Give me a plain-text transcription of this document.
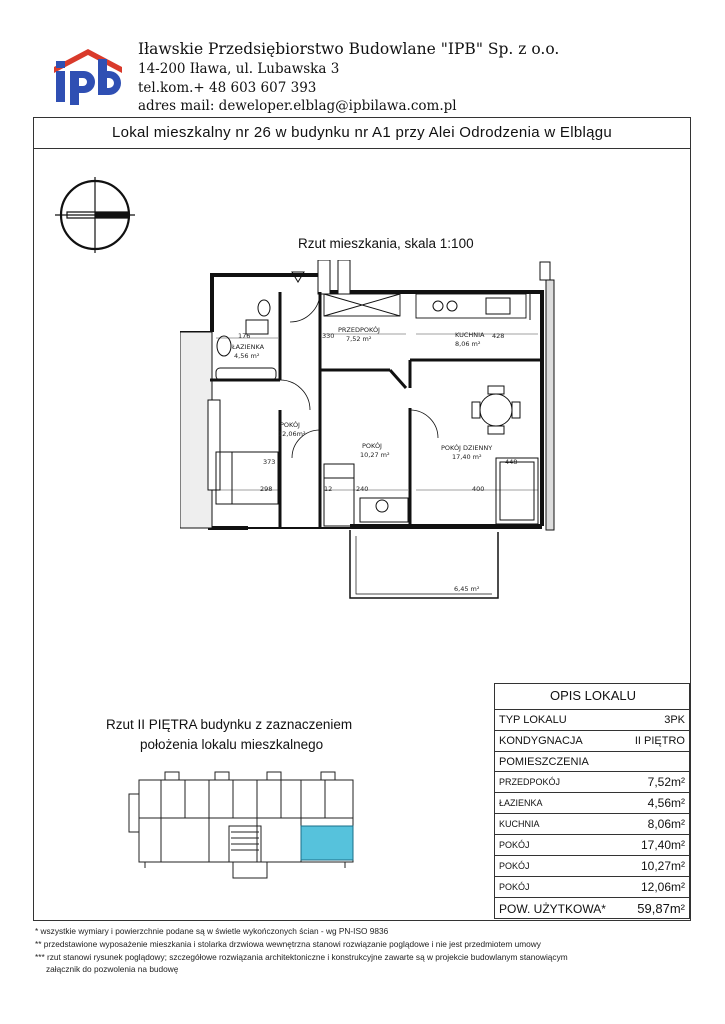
Iławskie Przedsiębiorstwo Budowlane "IPB" Sp. z o.o.
14-200 Iława, ul. Lubawska 3
tel.kom.+ 48 603 607 393
adres mail: deweloper.elblag@ipbilawa.com.pl
Lokal mieszkalny nr 26 w budynku nr A1 przy Alei Odrodzenia w Elblągu
Rzut mieszkania, skala 1:100
PRZEDPOKÓJ
7,52 m²	KUCHNIA
8,06 m²
ŁAZIENKA
4,56 m²
POKÓJ
12,06m²
POKÓJ
10,27 m²
POKÓJ DZIENNY
17,40 m²
6,45 m²
176	330	428
298	240	400
373	448
12
Rzut II PIĘTRA budynku z zaznaczeniem
położenia lokalu mieszkalnego
OPIS LOKALU
TYP LOKALU	3PK
KONDYGNACJA	II PIĘTRO
POMIESZCZENIA
PRZEDPOKÓJ	7,52m²
ŁAZIENKA	4,56m²
KUCHNIA	8,06m²
POKÓJ	17,40m²
POKÓJ	10,27m²
POKÓJ	12,06m²
POW. UŻYTKOWA* 59,87m²
* wszystkie wymiary i powierzchnie podane są w świetle wykończonych ścian - wg PN-ISO 9836
** przedstawione wyposażenie mieszkania i stolarka drzwiowa wewnętrzna stanowi rozwiązanie poglądowe i nie jest przedmiotem umowy
*** rzut stanowi rysunek poglądowy; szczegółowe rozwiązania architektoniczne i konstrukcyjne zawarte są w projekcie budowlanym stanowiącym
załącznik do pozwolenia na budowę
